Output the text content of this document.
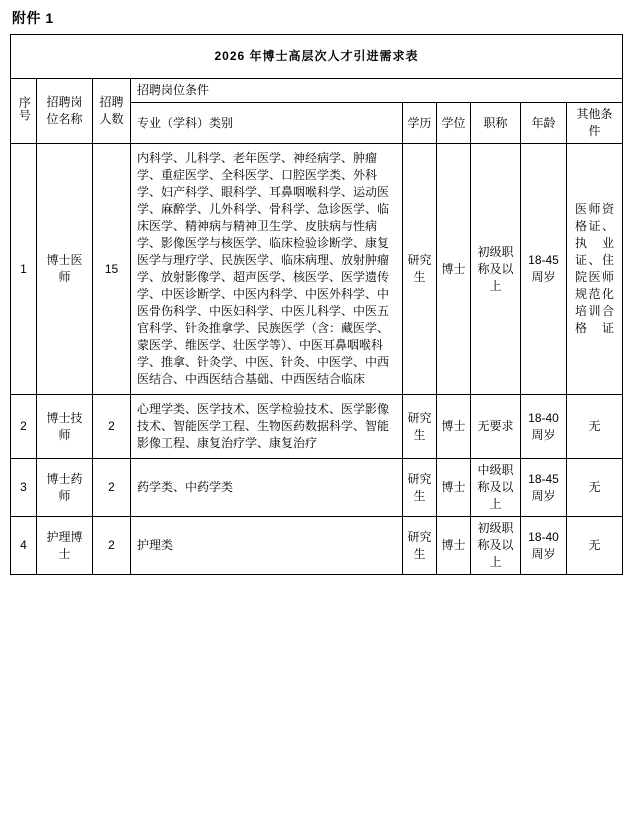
附件 1
2026 年博士高层次人才引进需求表								
序号	招聘岗位名称	招聘人数	招聘岗位条件					
			专业（学科）类别	学历	学位	职称	年龄	其他条件
1	博士医师	15	内科学、儿科学、老年医学、神经病学、肿瘤学、重症医学、全科医学、口腔医学类、外科学、妇产科学、眼科学、耳鼻咽喉科学、运动医学、麻醉学、儿外科学、骨科学、急诊医学、临床医学、精神病与精神卫生学、皮肤病与性病学、影像医学与核医学、临床检验诊断学、康复医学与理疗学、民族医学、临床病理、放射肿瘤学、放射影像学、超声医学、核医学、医学遗传学、中医诊断学、中医内科学、中医外科学、中医骨伤科学、中医妇科学、中医儿科学、中医五官科学、针灸推拿学、民族医学（含：藏医学、蒙医学、维医学、壮医学等）、中医耳鼻咽喉科学、推拿、针灸学、中医、针灸、中医学、中西医结合、中西医结合基础、中西医结合临床	研究生	博士	初级职称及以上	18-45 周岁	医师资格证、执业证、住院医师规范化培训合格证
2	博士技师	2	心理学类、医学技术、医学检验技术、医学影像技术、智能医学工程、生物医药数据科学、智能影像工程、康复治疗学、康复治疗	研究生	博士	无要求	18-40 周岁	无
3	博士药师	2	药学类、中药学类	研究生	博士	中级职称及以上	18-45 周岁	无
4	护理博士	2	护理类	研究生	博士	初级职称及以上	18-40 周岁	无
